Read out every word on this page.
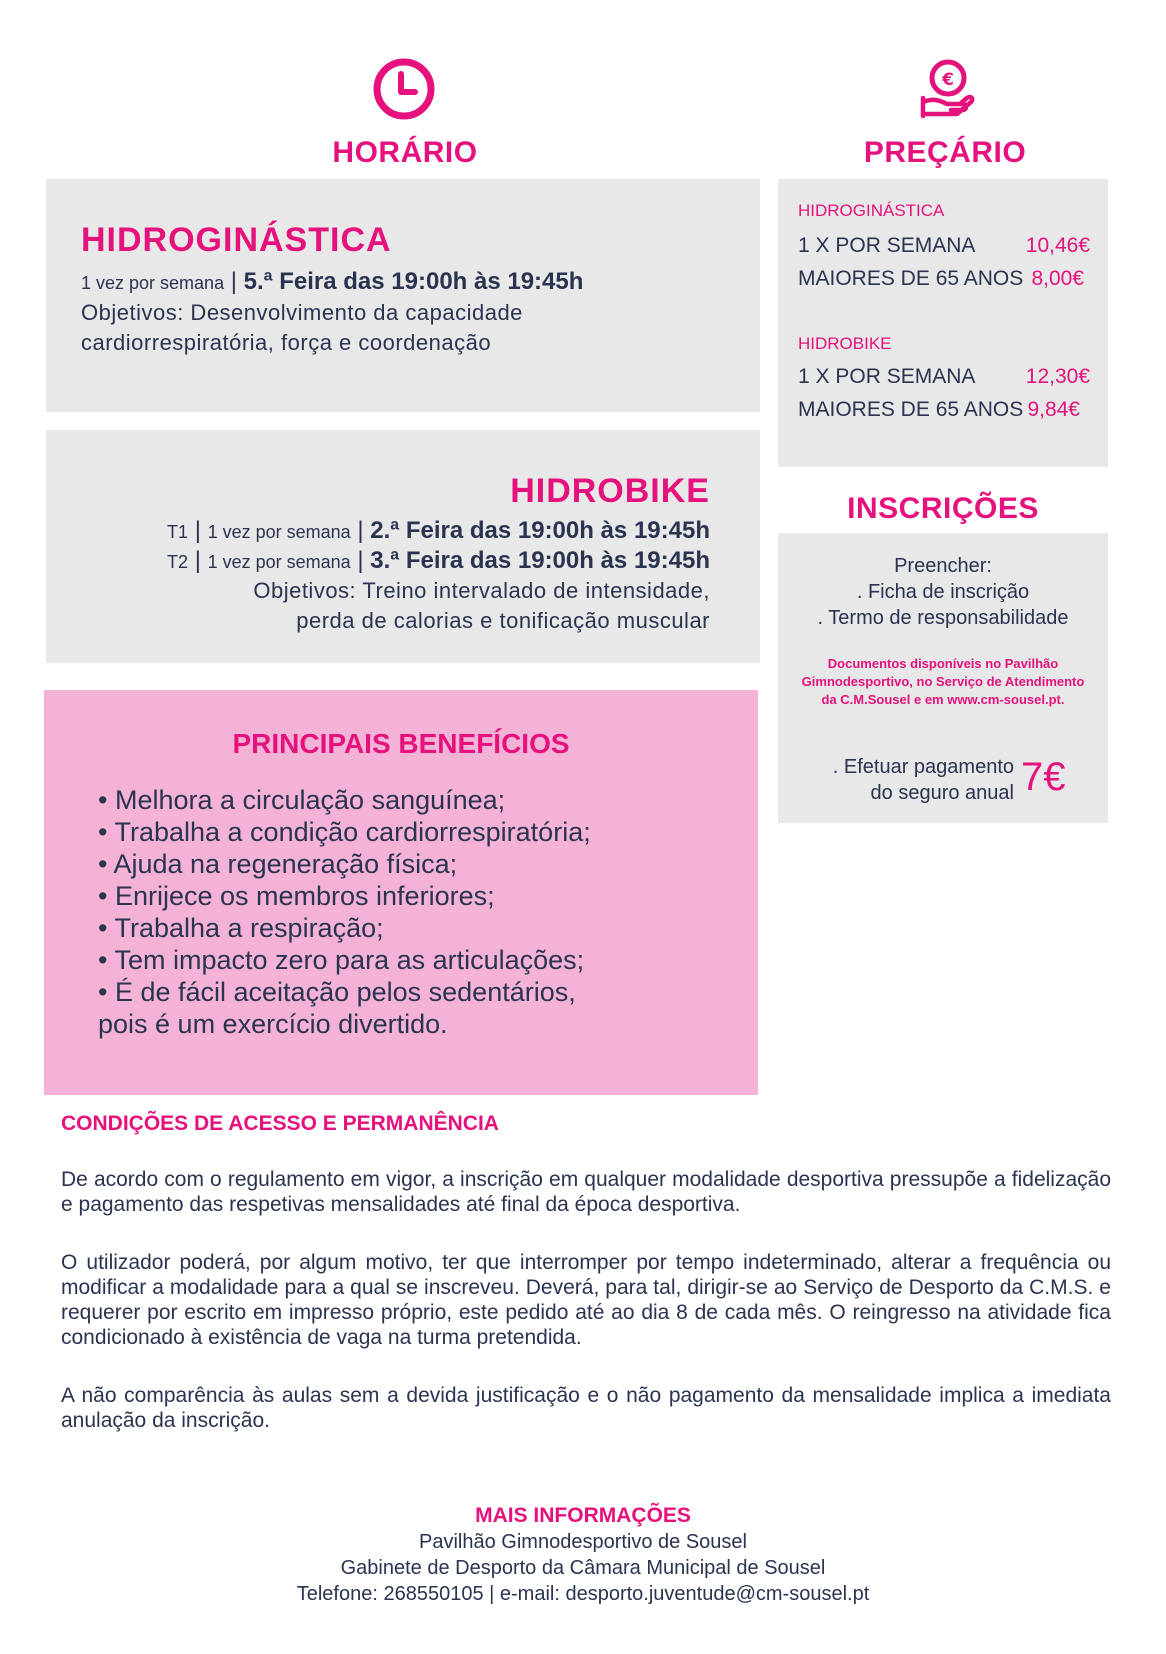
HORÁRIO
HIDROGINÁSTICA
1 vez por semana | 5.ª Feira das 19:00h às 19:45h
Objetivos: Desenvolvimento da capacidade
cardiorrespiratória, força e coordenação
HIDROBIKE
T1 | 1 vez por semana | 2.ª Feira das 19:00h às 19:45h
T2 | 1 vez por semana | 3.ª Feira das 19:00h às 19:45h
Objetivos: Treino intervalado de intensidade,
perda de calorias e tonificação muscular
PRINCIPAIS BENEFÍCIOS
• Melhora a circulação sanguínea;
• Trabalha a condição cardiorrespiratória;
• Ajuda na regeneração física;
• Enrijece os membros inferiores;
• Trabalha a respiração;
• Tem impacto zero para as articulações;
• É de fácil aceitação pelos sedentários,
pois é um exercício divertido.
€
PREÇÁRIO
HIDROGINÁSTICA
1 X POR SEMANA 10,46€
MAIORES DE 65 ANOS 8,00€
HIDROBIKE
1 X POR SEMANA 12,30€
MAIORES DE 65 ANOS 9,84€
INSCRIÇÕES
Preencher:
. Ficha de inscrição
. Termo de responsabilidade
Documentos disponíveis no Pavilhão
Gimnodesportivo, no Serviço de Atendimento
da C.M.Sousel e em www.cm-sousel.pt.
. Efetuar pagamento
do seguro anual 7€
CONDIÇÕES DE ACESSO E PERMANÊNCIA

De acordo com o regulamento em vigor, a inscrição em qualquer modalidade desportiva pressupõe a fidelização e pagamento das respetivas mensalidades até final da época desportiva.

O utilizador poderá, por algum motivo, ter que interromper por tempo indeterminado, alterar a frequência ou modificar a modalidade para a qual se inscreveu. Deverá, para tal, dirigir-se ao Serviço de Desporto da C.M.S. e requerer por escrito em impresso próprio, este pedido até ao dia 8 de cada mês. O reingresso na atividade fica condicionado à existência de vaga na turma pretendida.

A não comparência às aulas sem a devida justificação e o não pagamento da mensalidade implica a imediata anulação da inscrição.

MAIS INFORMAÇÕES
Pavilhão Gimnodesportivo de Sousel
Gabinete de Desporto da Câmara Municipal de Sousel
Telefone: 268550105 | e-mail: desporto.juventude@cm-sousel.pt
